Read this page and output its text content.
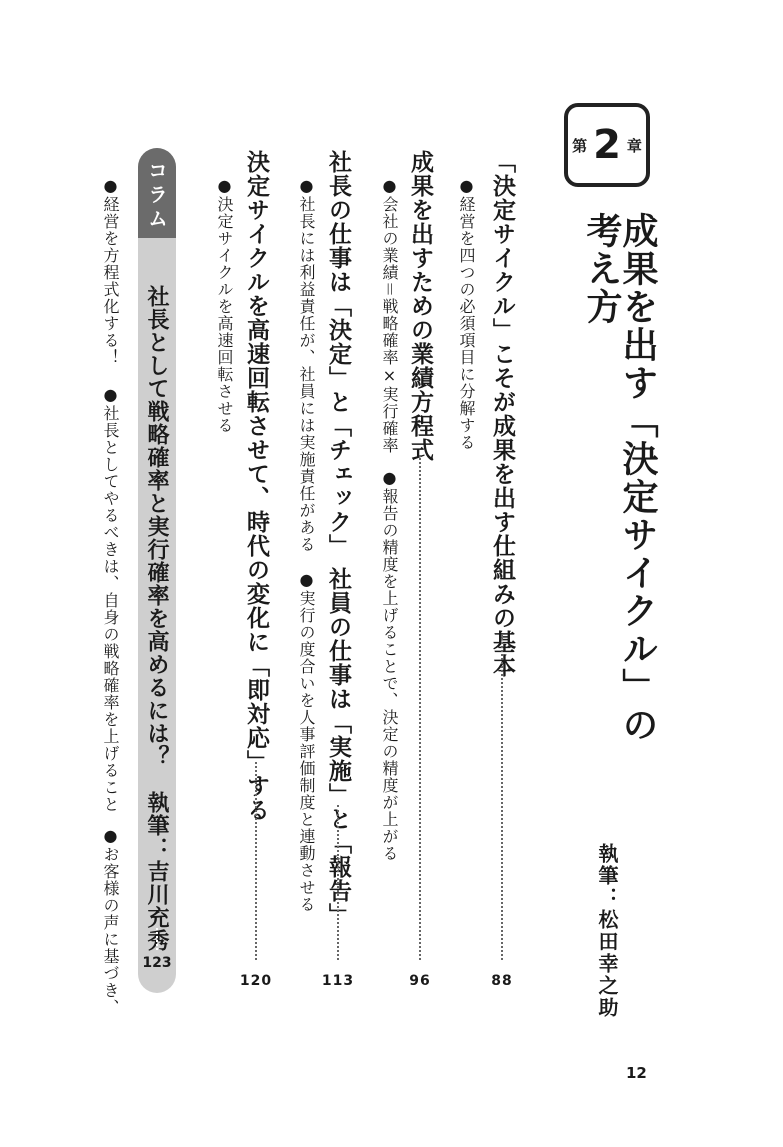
第 2 章
成果を出す「決定サイクル」の考え方
執筆：松田幸之助
「決定サイクル」こそが成果を出す仕組みの基本
●経営を四つの必須項目に分解する
88
成果を出すための業績方程式
●会社の業績＝戦略確率×実行確率
●報告の精度を上げることで、決定の精度が上がる
96
社長の仕事は「決定」と「チェック」 社員の仕事は「実施」と「報告」
●社長には利益責任が、社員には実施責任がある
●実行の度合いを人事評価制度と連動させる
113
決定サイクルを高速回転させて、時代の変化に「即対応」する
●決定サイクルを高速回転させる
120
コラム
社長として戦略確率と実行確率を高めるには？　執筆：吉川充秀
123
●経営を方程式化する！
●社長としてやるべきは、自身の戦略確率を上げること
●お客様の声に基づき、
12
